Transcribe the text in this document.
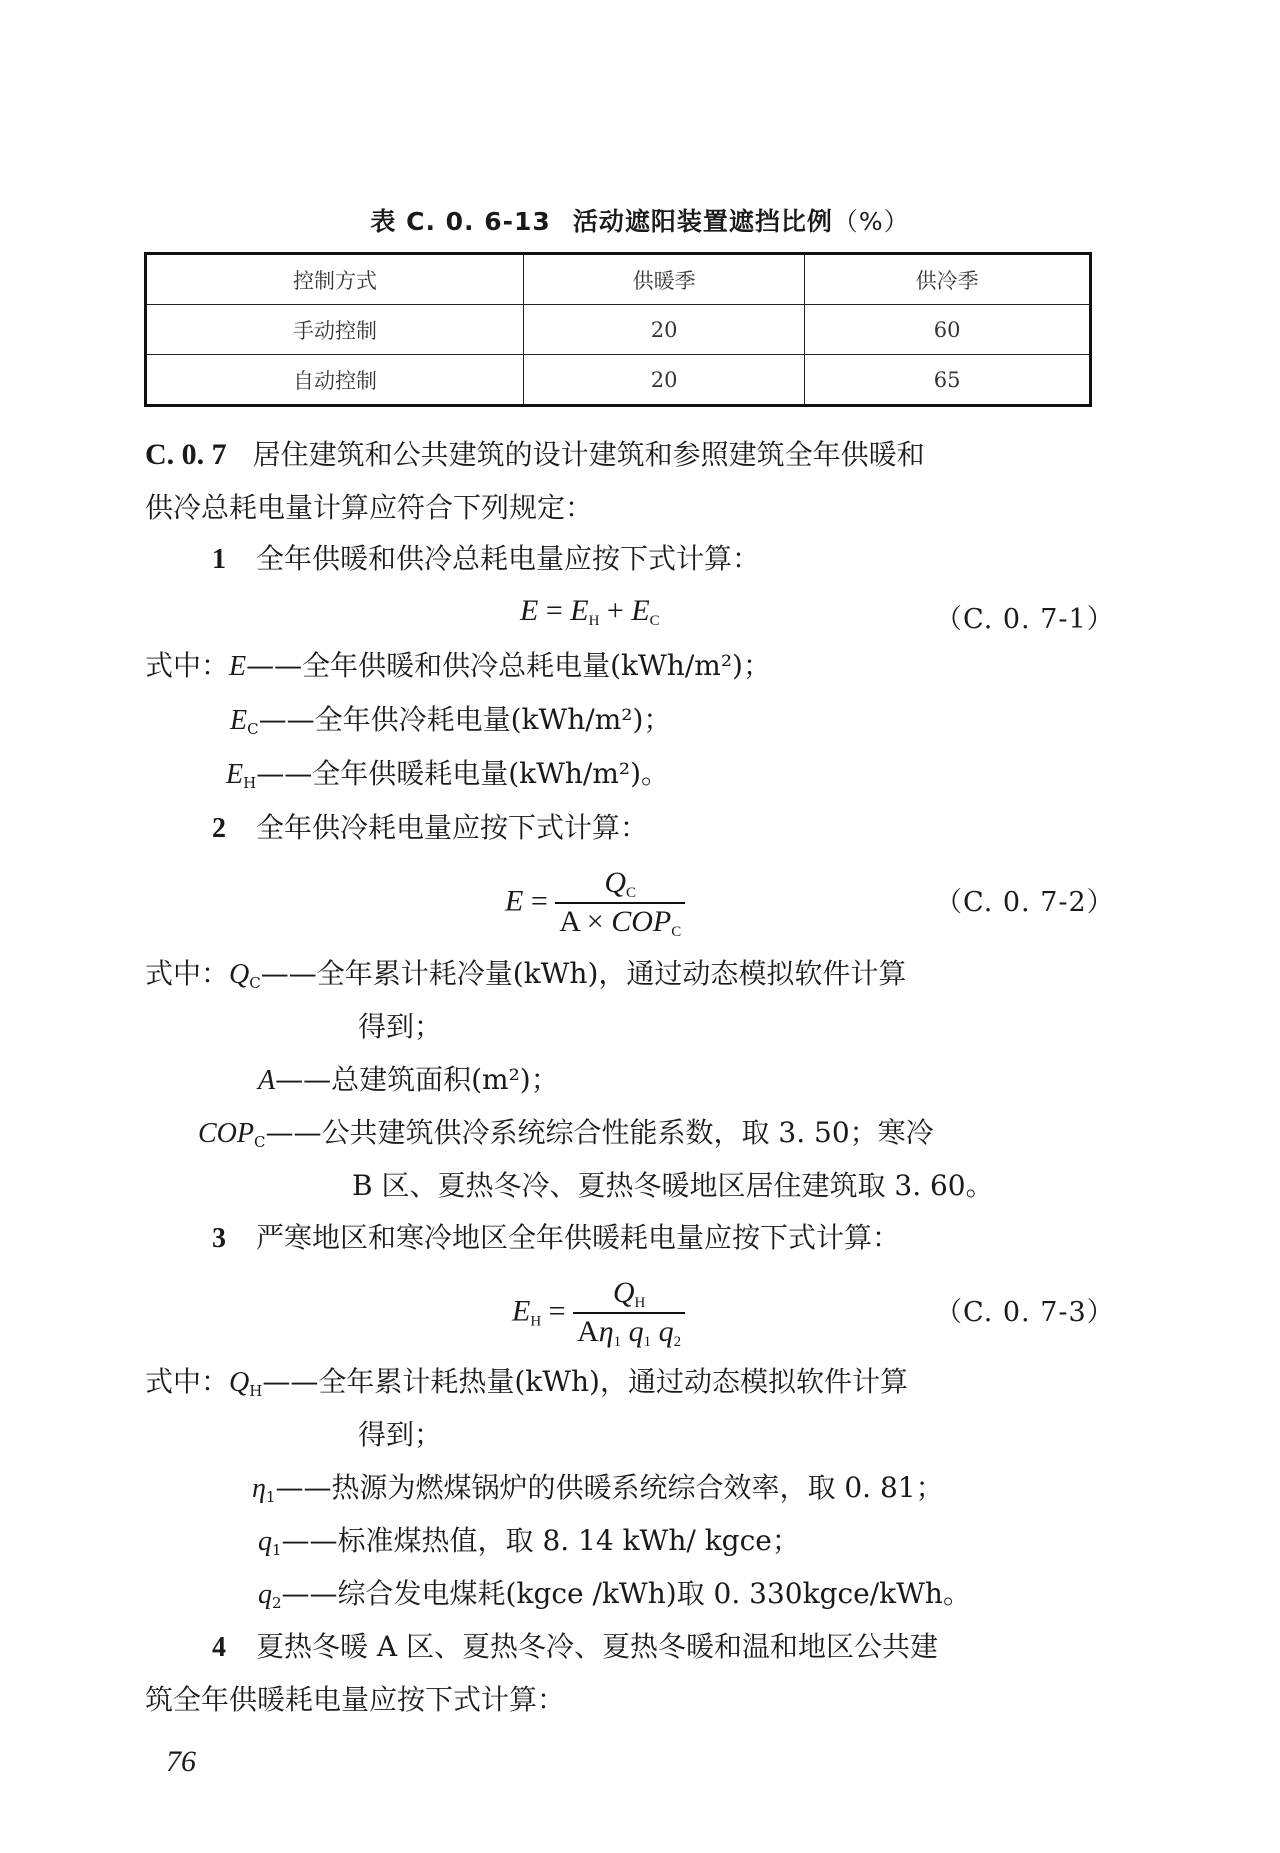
表 C. 0. 6-13 活动遮阳装置遮挡比例（%）
控制方式	供暖季	供冷季
手动控制	20	60
自动控制	20	65
C. 0. 7 居住建筑和公共建筑的设计建筑和参照建筑全年供暖和
供冷总耗电量计算应符合下列规定：
1 全年供暖和供冷总耗电量应按下式计算：
$E = E_H + E_C$	（C. 0. 7-1）
式中：E——全年供暖和供冷总耗电量(kWh/m²)；
$E_C——$全年供冷耗电量(kWh/m²)；
$E_H——$全年供暖耗电量(kWh/m²)。
2 全年供冷耗电量应按下式计算：
$E = \frac{Q_C}{A \times COP_C}$	（C. 0. 7-2）
式中：$Q_C——$全年累计耗冷量(kWh)，通过动态模拟软件计算
得到；
A——总建筑面积(m²)；
$COP_C——$公共建筑供冷系统综合性能系数，取 3. 50；寒冷
B 区、夏热冬冷、夏热冬暖地区居住建筑取 3. 60。
3 严寒地区和寒冷地区全年供暖耗电量应按下式计算：
$E_H = \frac{Q_H}{A\eta_1 q_1 q_2}$	（C. 0. 7-3）
式中：$Q_H——$全年累计耗热量(kWh)，通过动态模拟软件计算
得到；
$\eta_1——$热源为燃煤锅炉的供暖系统综合效率，取 0. 81；
$q_1——$标准煤热值，取 8. 14 kWh/ kgce；
$q_2——$综合发电煤耗(kgce /kWh)取 0. 330kgce/kWh。
4 夏热冬暖 A 区、夏热冬冷、夏热冬暖和温和地区公共建
筑全年供暖耗电量应按下式计算：
76
